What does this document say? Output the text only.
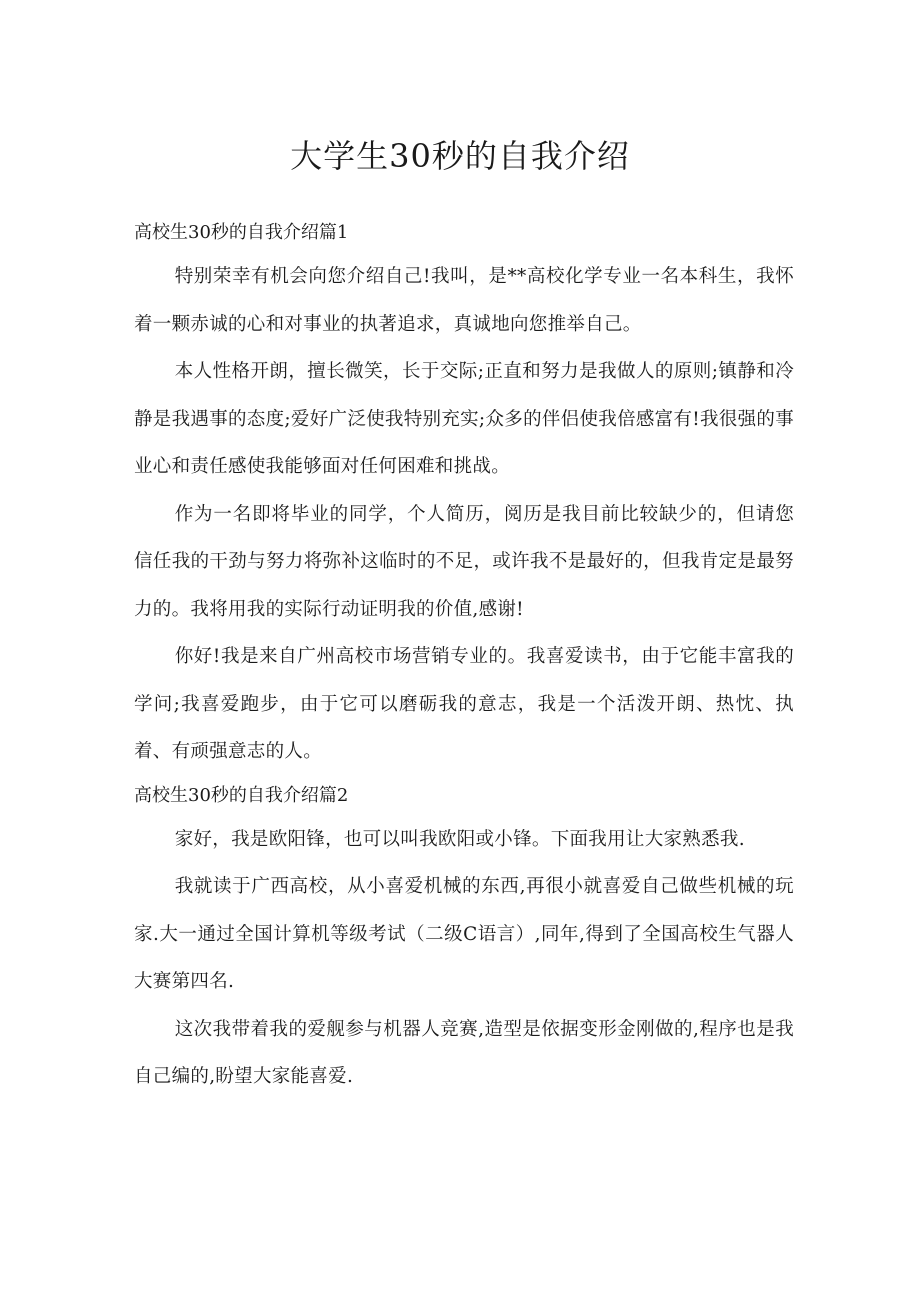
大学生30秒的自我介绍
高校生30秒的自我介绍篇1

特别荣幸有机会向您介绍自己!我叫，是**高校化学专业一名本科生，我怀着一颗赤诚的心和对事业的执著追求，真诚地向您推举自己。

本人性格开朗，擅长微笑，长于交际;正直和努力是我做人的原则;镇静和冷静是我遇事的态度;爱好广泛使我特别充实;众多的伴侣使我倍感富有!我很强的事业心和责任感使我能够面对任何困难和挑战。

作为一名即将毕业的同学，个人简历，阅历是我目前比较缺少的，但请您信任我的干劲与努力将弥补这临时的不足，或许我不是最好的，但我肯定是最努力的。我将用我的实际行动证明我的价值,感谢!

你好!我是来自广州高校市场营销专业的。我喜爱读书，由于它能丰富我的学问;我喜爱跑步，由于它可以磨砺我的意志，我是一个活泼开朗、热忱、执着、有顽强意志的人。

高校生30秒的自我介绍篇2

家好，我是欧阳锋，也可以叫我欧阳或小锋。下面我用让大家熟悉我.

我就读于广西高校，从小喜爱机械的东西,再很小就喜爱自己做些机械的玩家.大一通过全国计算机等级考试（二级C语言）,同年,得到了全国高校生气器人大赛第四名.

这次我带着我的爱舰参与机器人竞赛,造型是依据变形金刚做的,程序也是我自己编的,盼望大家能喜爱.
